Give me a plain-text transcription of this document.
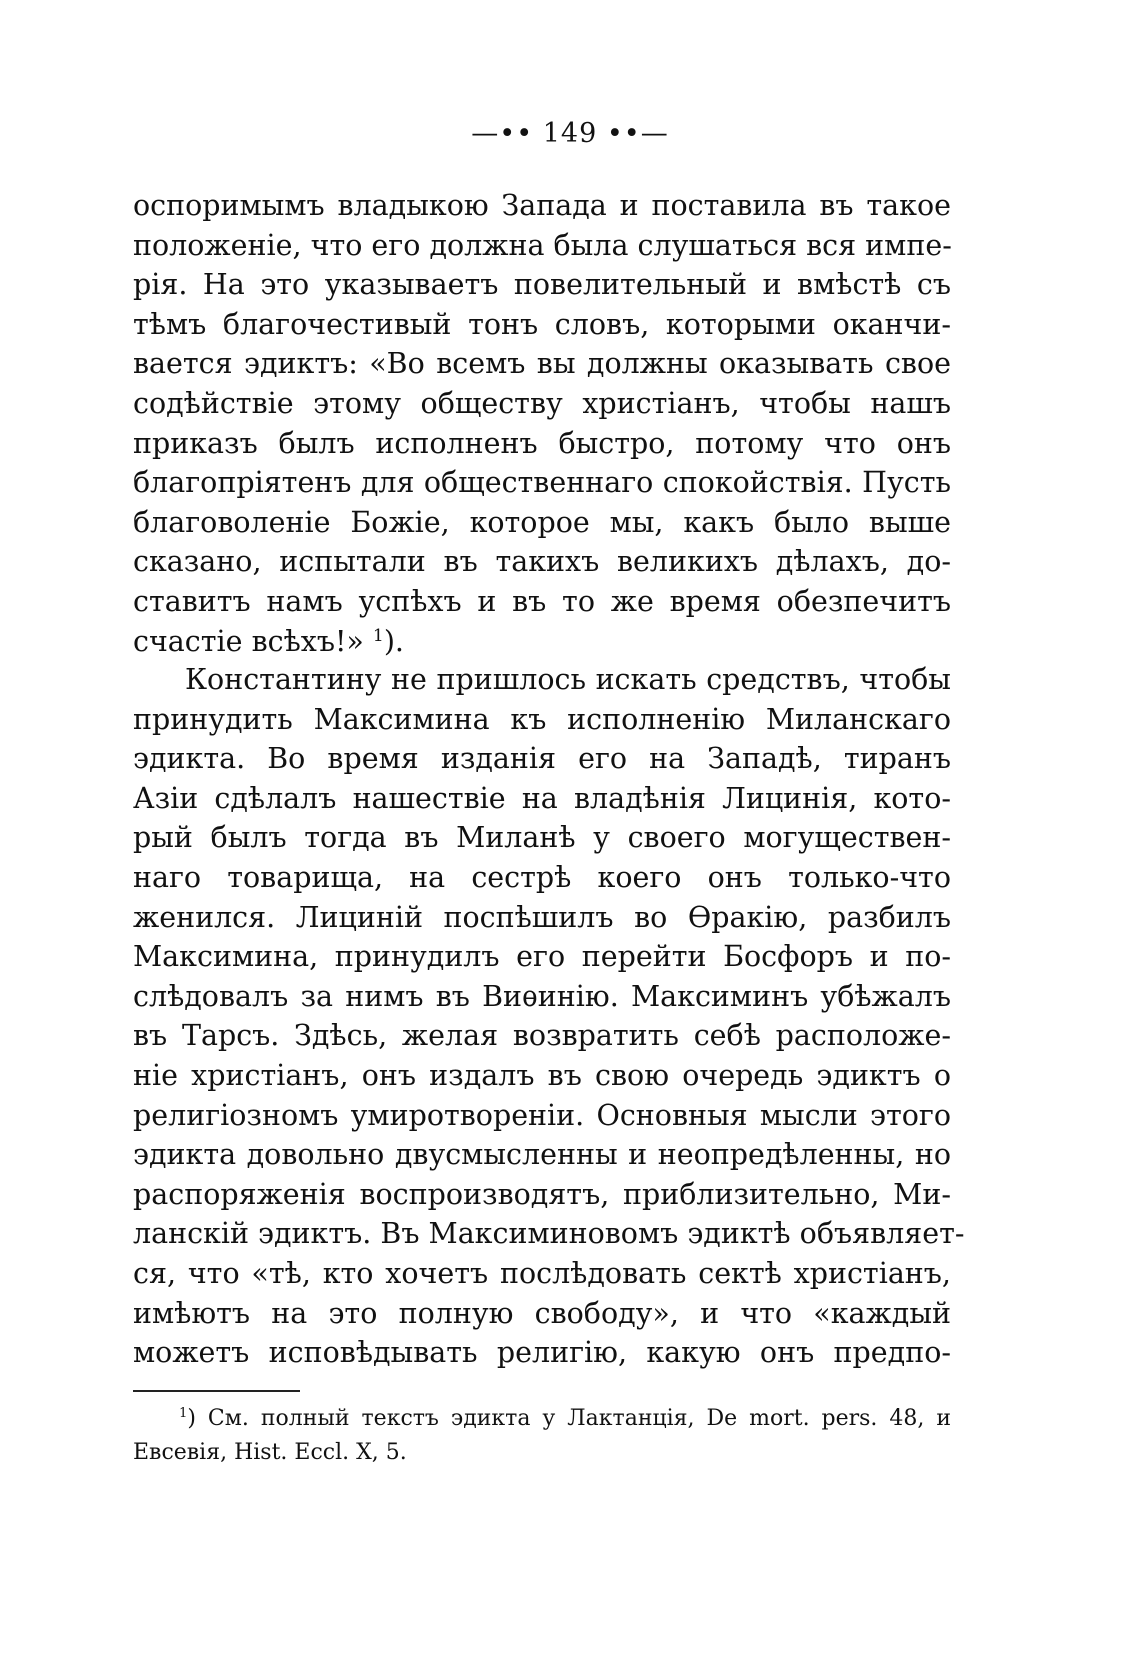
—•• 149 ••—
оспоримымъ владыкою Запада и поставила въ такое
положеніе, что его должна была слушаться вся импе-
рія. На это указываетъ повелительный и вмѣстѣ съ
тѣмъ благочестивый тонъ словъ, которыми оканчи-
вается эдиктъ: «Во всемъ вы должны оказывать свое
содѣйствіе этому обществу христіанъ, чтобы нашъ
приказъ былъ исполненъ быстро, потому что онъ
благопріятенъ для общественнаго спокойствія. Пусть
благоволеніе Божіе, которое мы, какъ было выше
сказано, испытали въ такихъ великихъ дѣлахъ, до-
ставитъ намъ успѣхъ и въ то же время обезпечитъ
счастіе всѣхъ!» $^1$).
Константину не пришлось искать средствъ, чтобы
принудить Максимина къ исполненію Миланскаго
эдикта. Во время изданія его на Западѣ, тиранъ
Азіи сдѣлалъ нашествіе на владѣнія Лицинія, кото-
рый былъ тогда въ Миланѣ у своего могуществен-
наго товарища, на сестрѣ коего онъ только-что
женился. Лициній поспѣшилъ во Ѳракію, разбилъ
Максимина, принудилъ его перейти Босфоръ и по-
слѣдовалъ за нимъ въ Виѳинію. Максиминъ убѣжалъ
въ Тарсъ. Здѣсь, желая возвратить себѣ расположе-
ніе христіанъ, онъ издалъ въ свою очередь эдиктъ о
религіозномъ умиротвореніи. Основныя мысли этого
эдикта довольно двусмысленны и неопредѣленны, но
распоряженія воспроизводятъ, приблизительно, Ми-
ланскій эдиктъ. Въ Максиминовомъ эдиктѣ объявляет-
ся, что «тѣ, кто хочетъ послѣдовать сектѣ христіанъ,
имѣютъ на это полную свободу», и что «каждый
можетъ исповѣдывать религію, какую онъ предпо-
$^1$) См. полный текстъ эдикта у Лактанція, De mort. pers. 48, и
Евсевія, Hist. Eccl. X, 5.
